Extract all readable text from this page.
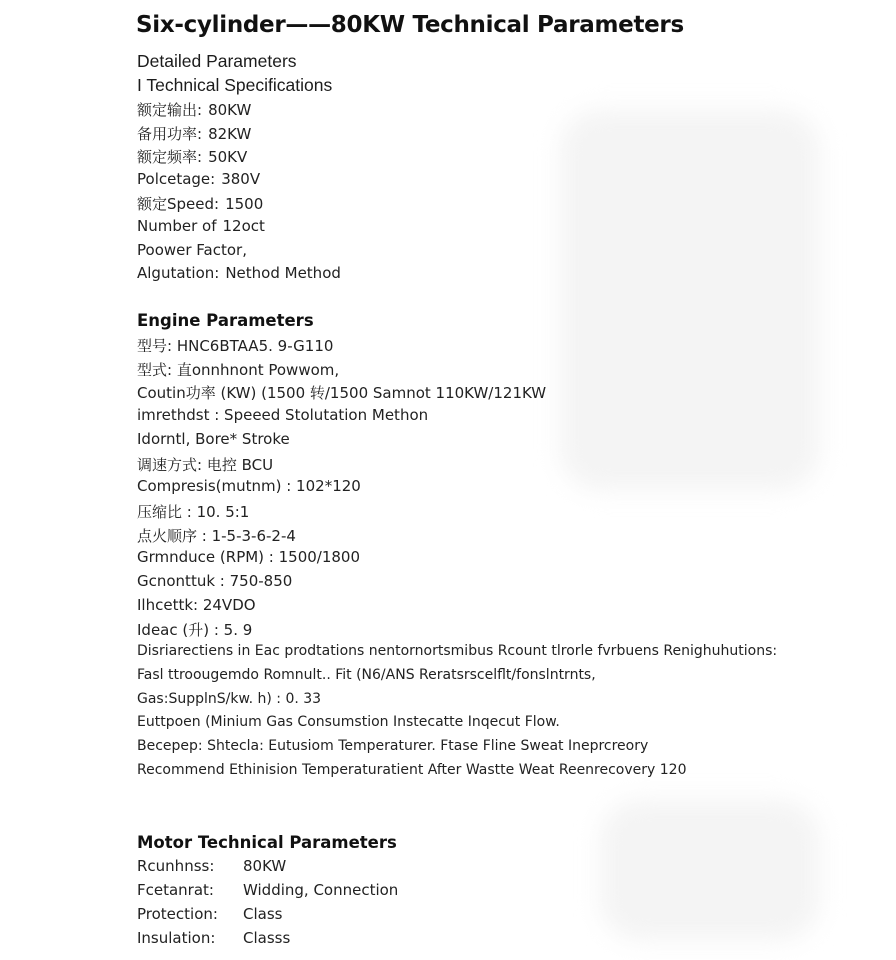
Six-cylinder——80KW Technical Parameters
Detailed Parameters
I Technical Specifications
额定输出: 80KW
备用功率: 82KW
额定频率: 50KV
Polcetage: 380V
额定Speed: 1500
Number of 12oct
Poower Factor,
Algutation: Nethod Method
Engine Parameters
型号: HNC6BTAA5. 9-G110
型式: 直onnhnont Powwom,
Coutin功率 (KW) (1500 转/1500 Samnot 110KW/121KW
imrethdst : Speeed Stolutation Methon
Idorntl, Bore* Stroke
调速方式: 电控 BCU
Compresis(mutnm) : 102*120
压缩比 : 10. 5:1
点火顺序 : 1-5-3-6-2-4
Grmnduce (RPM) : 1500/1800
Gcnonttuk : 750-850
Ilhcettk: 24VDO
Ideac (升) : 5. 9
Disriarectiens in Eac prodtations nentornortsmibus Rcount tlrorle fvrbuens Renighuhutions:
Fasl ttroougemdo Romnult.. Fit (N6/ANS Reratsrscelflt/fonslntrnts,
Gas:SupplnS/kw. h) : 0. 33
Euttpoen (Minium Gas Consumstion Instecatte Inqecut Flow.
Becepep: Shtecla: Eutusiom Temperaturer. Ftase Fline Sweat Ineprcreory
Recommend Ethinision Temperaturatient After Wastte Weat Reenrecovery 120
Motor Technical Parameters
Rcunhnss: 80KW
Fcetanrat: Widding, Connection
Protection: Class
Insulation: Classs
